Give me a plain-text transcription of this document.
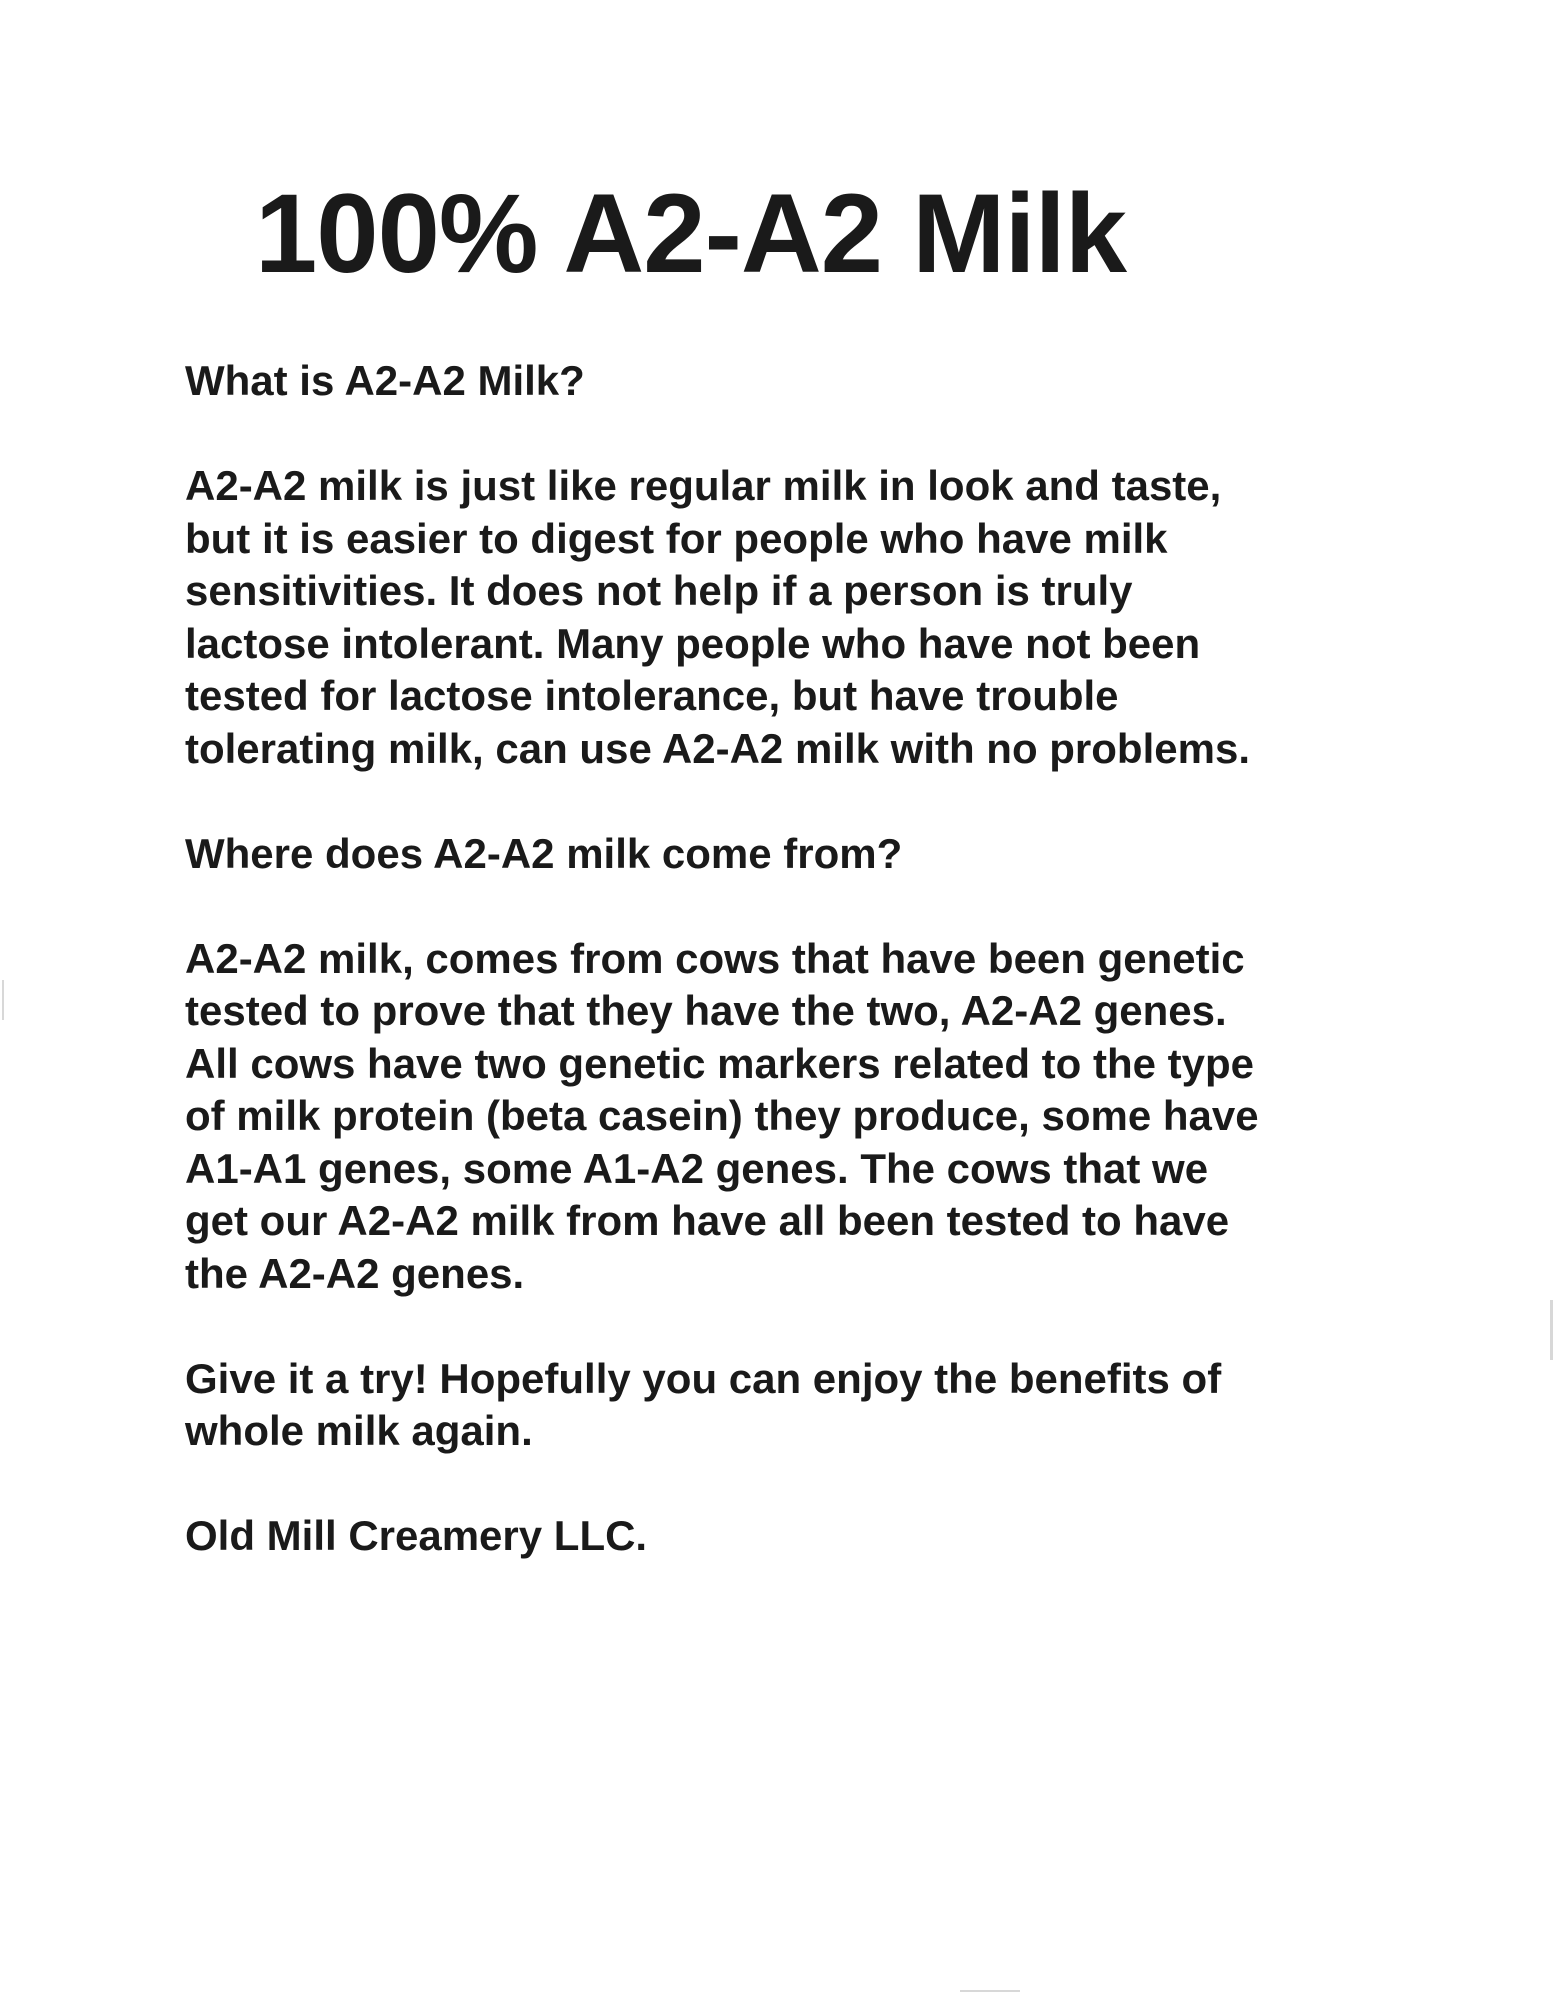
100% A2-A2 Milk

What is A2-A2 Milk?

A2-A2 milk is just like regular milk in look and taste,
but it is easier to digest for people who have milk
sensitivities. It does not help if a person is truly
lactose intolerant. Many people who have not been
tested for lactose intolerance, but have trouble
tolerating milk, can use A2-A2 milk with no problems.

Where does A2-A2 milk come from?

A2-A2 milk, comes from cows that have been genetic
tested to prove that they have the two, A2-A2 genes.
All cows have two genetic markers related to the type
of milk protein (beta casein) they produce, some have
A1-A1 genes, some A1-A2 genes. The cows that we
get our A2-A2 milk from have all been tested to have
the A2-A2 genes.

Give it a try! Hopefully you can enjoy the benefits of
whole milk again.

Old Mill Creamery LLC.
